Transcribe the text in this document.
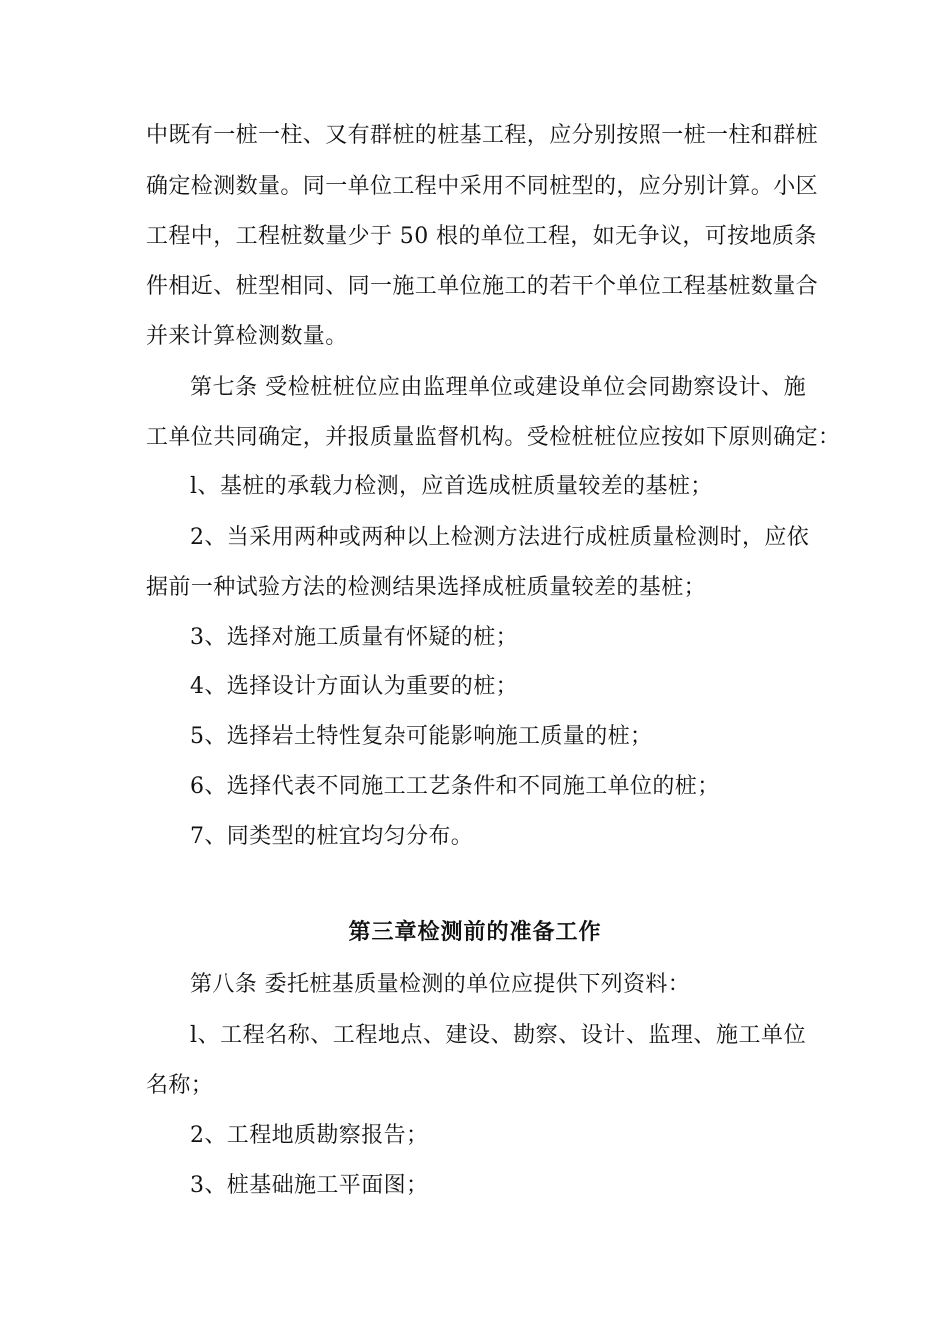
中既有一桩一柱、又有群桩的桩基工程，应分别按照一桩一柱和群桩
确定检测数量。同一单位工程中采用不同桩型的，应分别计算。小区
工程中，工程桩数量少于 50 根的单位工程，如无争议，可按地质条
件相近、桩型相同、同一施工单位施工的若干个单位工程基桩数量合
并来计算检测数量。
第七条 受检桩桩位应由监理单位或建设单位会同勘察设计、施
工单位共同确定，并报质量监督机构。受检桩桩位应按如下原则确定：
l、基桩的承载力检测，应首选成桩质量较差的基桩；
2、当采用两种或两种以上检测方法进行成桩质量检测时，应依
据前一种试验方法的检测结果选择成桩质量较差的基桩；
3、选择对施工质量有怀疑的桩；
4、选择设计方面认为重要的桩；
5、选择岩土特性复杂可能影响施工质量的桩；
6、选择代表不同施工工艺条件和不同施工单位的桩；
7、同类型的桩宜均匀分布。
第三章检测前的准备工作
第八条 委托桩基质量检测的单位应提供下列资料：
l、工程名称、工程地点、建设、勘察、设计、监理、施工单位
名称；
2、工程地质勘察报告；
3、桩基础施工平面图；
